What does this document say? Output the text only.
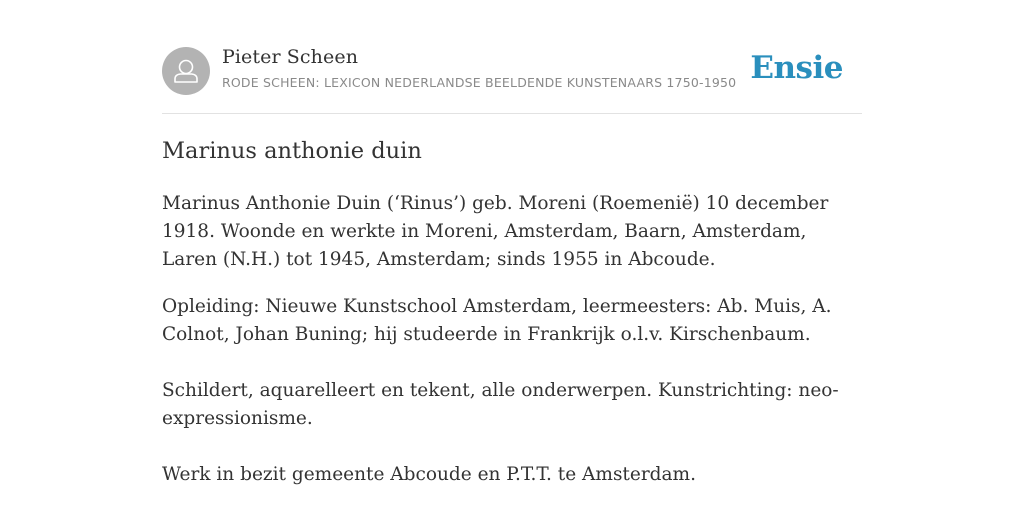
Pieter Scheen
RODE SCHEEN: LEXICON NEDERLANDSE BEELDENDE KUNSTENAARS 1750-1950 Ensie
Marinus anthonie duin

Marinus Anthonie Duin (‘Rinus’) geb. Moreni (Roemenië) 10 december 1918. Woonde en werkte in Moreni, Amsterdam, Baarn, Amsterdam, Laren (N.H.) tot 1945, Amsterdam; sinds 1955 in Abcoude.

Opleiding: Nieuwe Kunstschool Amsterdam, leermeesters: Ab. Muis, A. Colnot, Johan Buning; hij studeerde in Frankrijk o.l.v. Kirschenbaum.

Schildert, aquarelleert en tekent, alle onderwerpen. Kunstrichting: neo-expressionisme.

Werk in bezit gemeente Abcoude en P.T.T. te Amsterdam.
